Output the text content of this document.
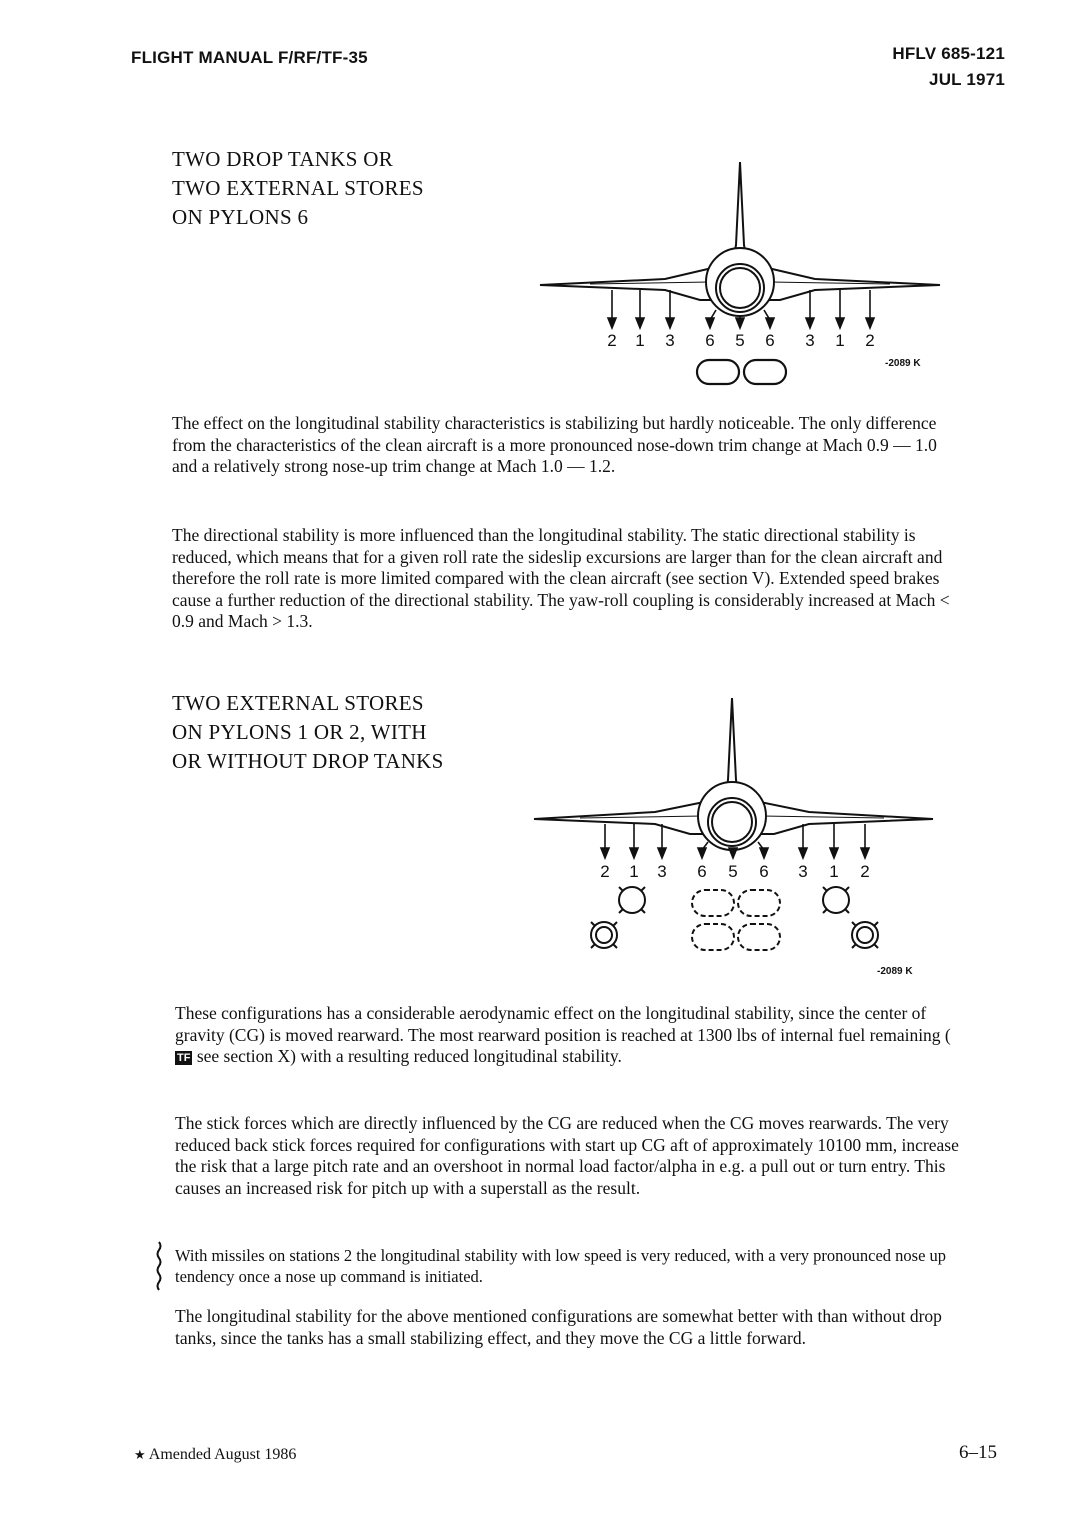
FLIGHT MANUAL F/RF/TF-35	HFLV 685-121
JUL 1971
TWO DROP TANKS OR
TWO EXTERNAL STORES
ON PYLONS 6
2 1 3 6 5 6 3 1 2
-2089 K
The effect on the longitudinal stability characteristics is stabilizing but hardly noticeable. The only difference from the characteristics of the clean aircraft is a more pronounced nose-down trim change at Mach 0.9 — 1.0 and a relatively strong nose-up trim change at Mach 1.0 — 1.2.
The directional stability is more influenced than the longitudinal stability. The static directional stability is reduced, which means that for a given roll rate the sideslip excursions are larger than for the clean aircraft and therefore the roll rate is more limited compared with the clean aircraft (see section V). Extended speed brakes cause a further reduction of the directional stability. The yaw-roll coupling is considerably increased at Mach < 0.9 and Mach > 1.3.
TWO EXTERNAL STORES
ON PYLONS 1 OR 2, WITH
OR WITHOUT DROP TANKS
2 1 3 6 5 6 3 1 2
-2089 K
These configurations has a considerable aerodynamic effect on the longitudinal stability, since the center of gravity (CG) is moved rearward. The most rearward position is reached at 1300 lbs of internal fuel remaining ( TF see section X) with a resulting reduced longitudinal stability.
The stick forces which are directly influenced by the CG are reduced when the CG moves rearwards. The very reduced back stick forces required for configurations with start up CG aft of approximately 10100 mm, increase the risk that a large pitch rate and an overshoot in normal load factor/alpha in e.g. a pull out or turn entry. This causes an increased risk for pitch up with a superstall as the result.
With missiles on stations 2 the longitudinal stability with low speed is very reduced, with a very pronounced nose up tendency once a nose up command is initiated.
The longitudinal stability for the above mentioned configurations are somewhat better with than without drop tanks, since the tanks has a small stabilizing effect, and they move the CG a little forward.
★ Amended August 1986	6–15
